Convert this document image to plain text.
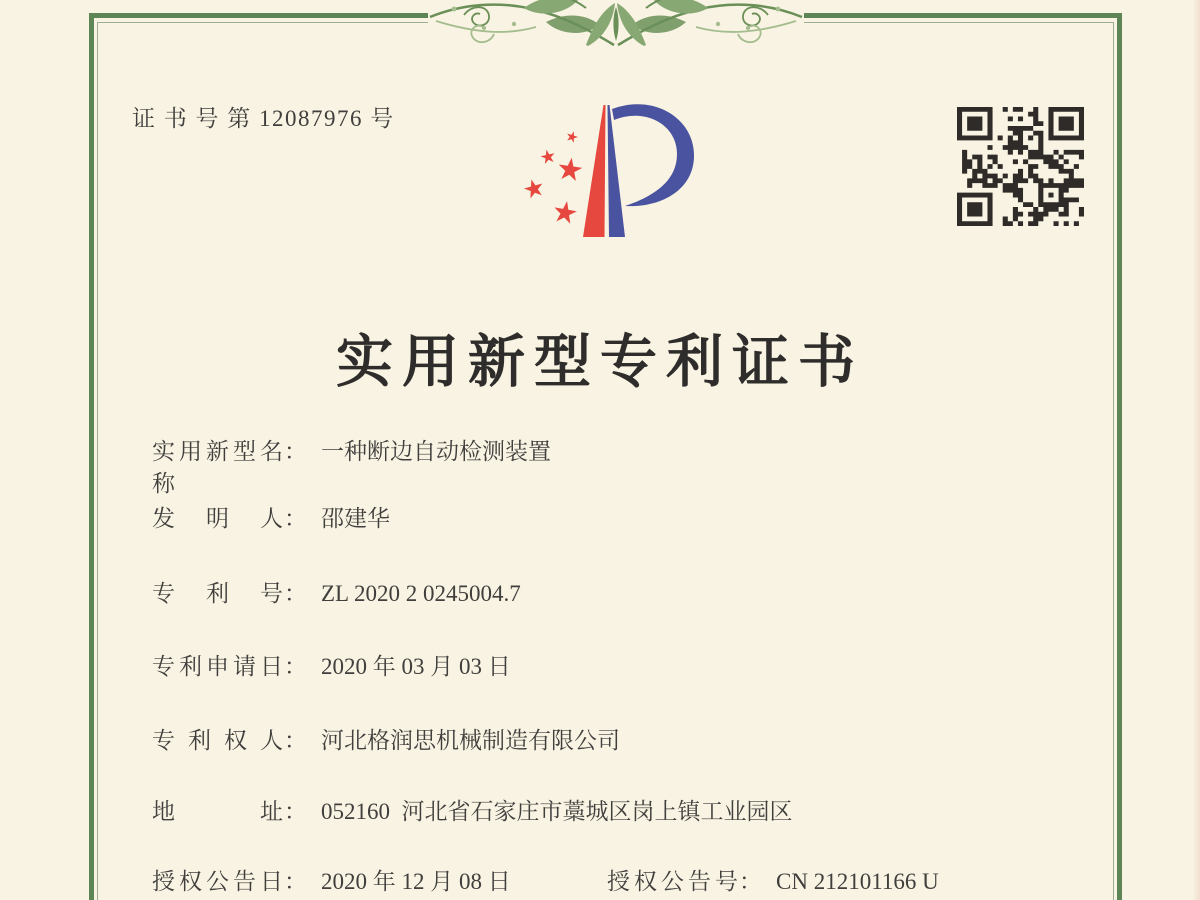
证 书 号 第 12087976 号
实用新型专利证书
实用新型名称： 一种断边自动检测装置
发明人： 邵建华
专利号： ZL 2020 2 0245004.7
专利申请日： 2020 年 03 月 03 日
专利权人： 河北格润思机械制造有限公司
地址： 052160  河北省石家庄市藁城区岗上镇工业园区
授权公告日： 2020 年 12 月 08 日	授权公告号： CN 212101166 U
